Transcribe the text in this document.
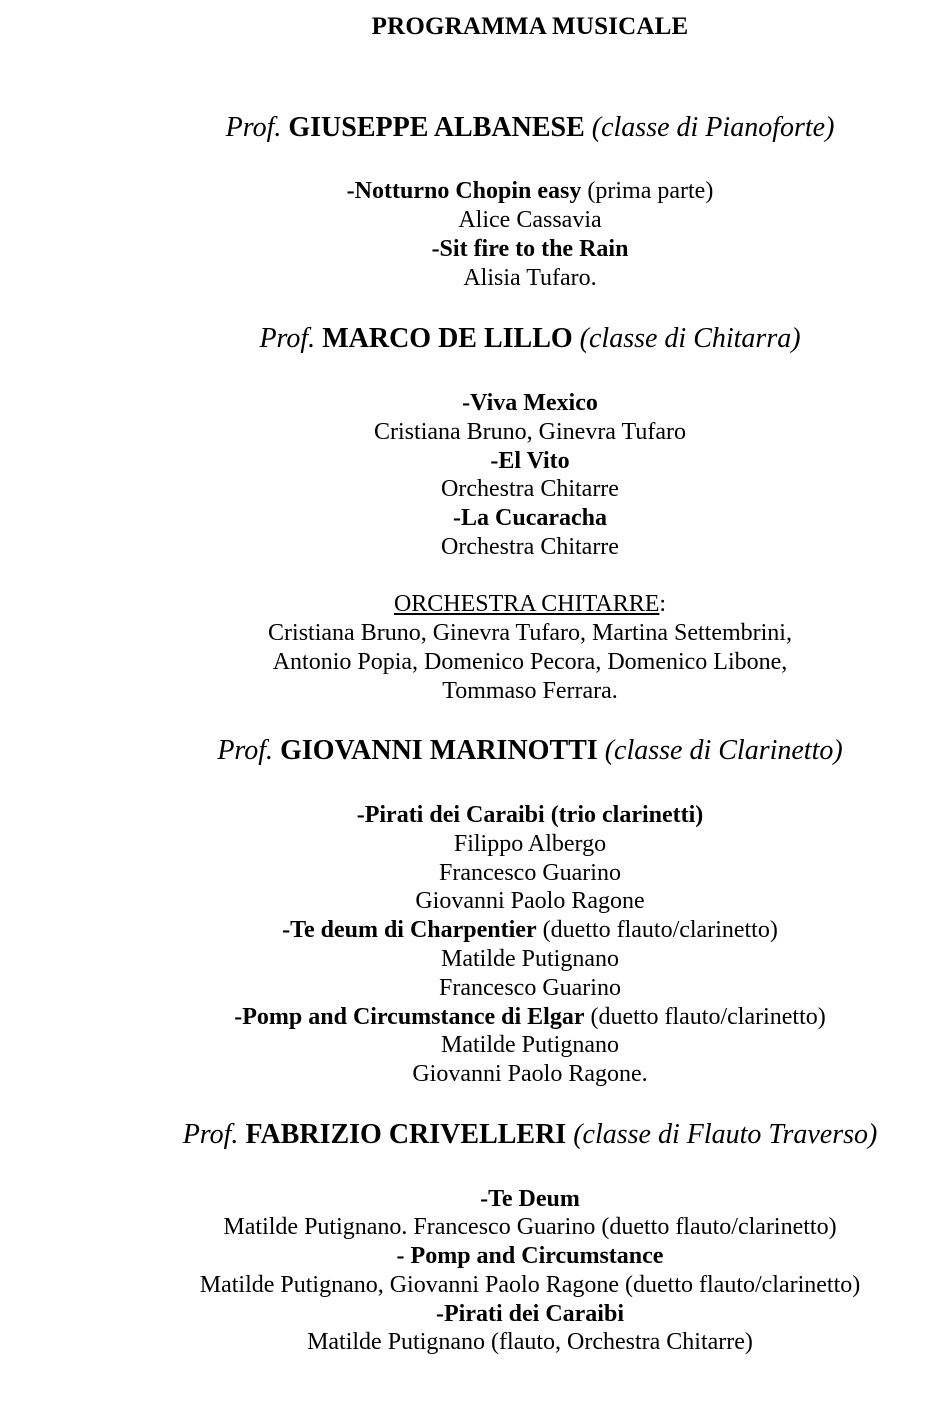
PROGRAMMA MUSICALE
Prof. GIUSEPPE ALBANESE (classe di Pianoforte)
-Notturno Chopin easy (prima parte)
Alice Cassavia
-Sit fire to the Rain
Alisia Tufaro.
Prof. MARCO DE LILLO (classe di Chitarra)
-Viva Mexico
Cristiana Bruno, Ginevra Tufaro
-El Vito
Orchestra Chitarre
-La Cucaracha
Orchestra Chitarre
ORCHESTRA CHITARRE:
Cristiana Bruno, Ginevra Tufaro, Martina Settembrini,
Antonio Popia, Domenico Pecora, Domenico Libone,
Tommaso Ferrara.
Prof. GIOVANNI MARINOTTI (classe di Clarinetto)
-Pirati dei Caraibi (trio clarinetti)
Filippo Albergo
Francesco Guarino
Giovanni Paolo Ragone
-Te deum di Charpentier (duetto flauto/clarinetto)
Matilde Putignano
Francesco Guarino
-Pomp and Circumstance di Elgar (duetto flauto/clarinetto)
Matilde Putignano
Giovanni Paolo Ragone.
Prof. FABRIZIO CRIVELLERI (classe di Flauto Traverso)
-Te Deum
Matilde Putignano. Francesco Guarino (duetto flauto/clarinetto)
- Pomp and Circumstance
Matilde Putignano, Giovanni Paolo Ragone (duetto flauto/clarinetto)
-Pirati dei Caraibi
Matilde Putignano (flauto, Orchestra Chitarre)
